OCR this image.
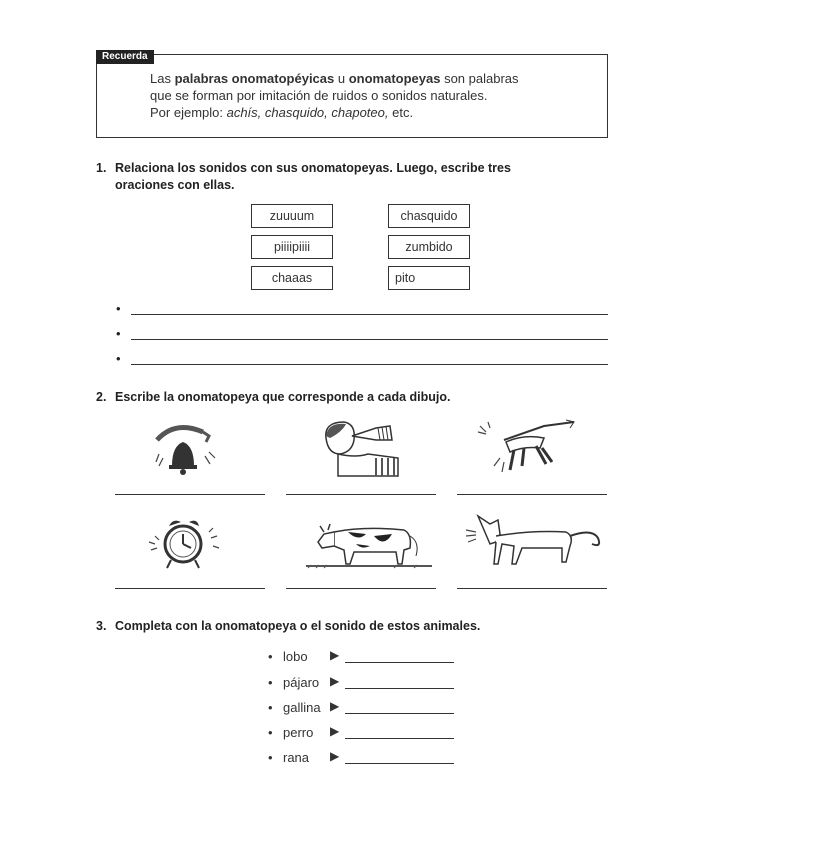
Recuerda
Las palabras onomatopéyicas u onomatopeyas son palabras
que se forman por imitación de ruidos o sonidos naturales.
Por ejemplo: achís, chasquido, chapoteo, etc.
1. Relaciona los sonidos con sus onomatopeyas. Luego, escribe tres
oraciones con ellas.
zuuuum
piiiipiiii
chaaas
chasquido
zumbido
pito
•
•
•
2. Escribe la onomatopeya que corresponde a cada dibujo.
3. Completa con la onomatopeya o el sonido de estos animales.
• lobo ▶
• pájaro ▶
• gallina ▶
• perro ▶
• rana ▶
